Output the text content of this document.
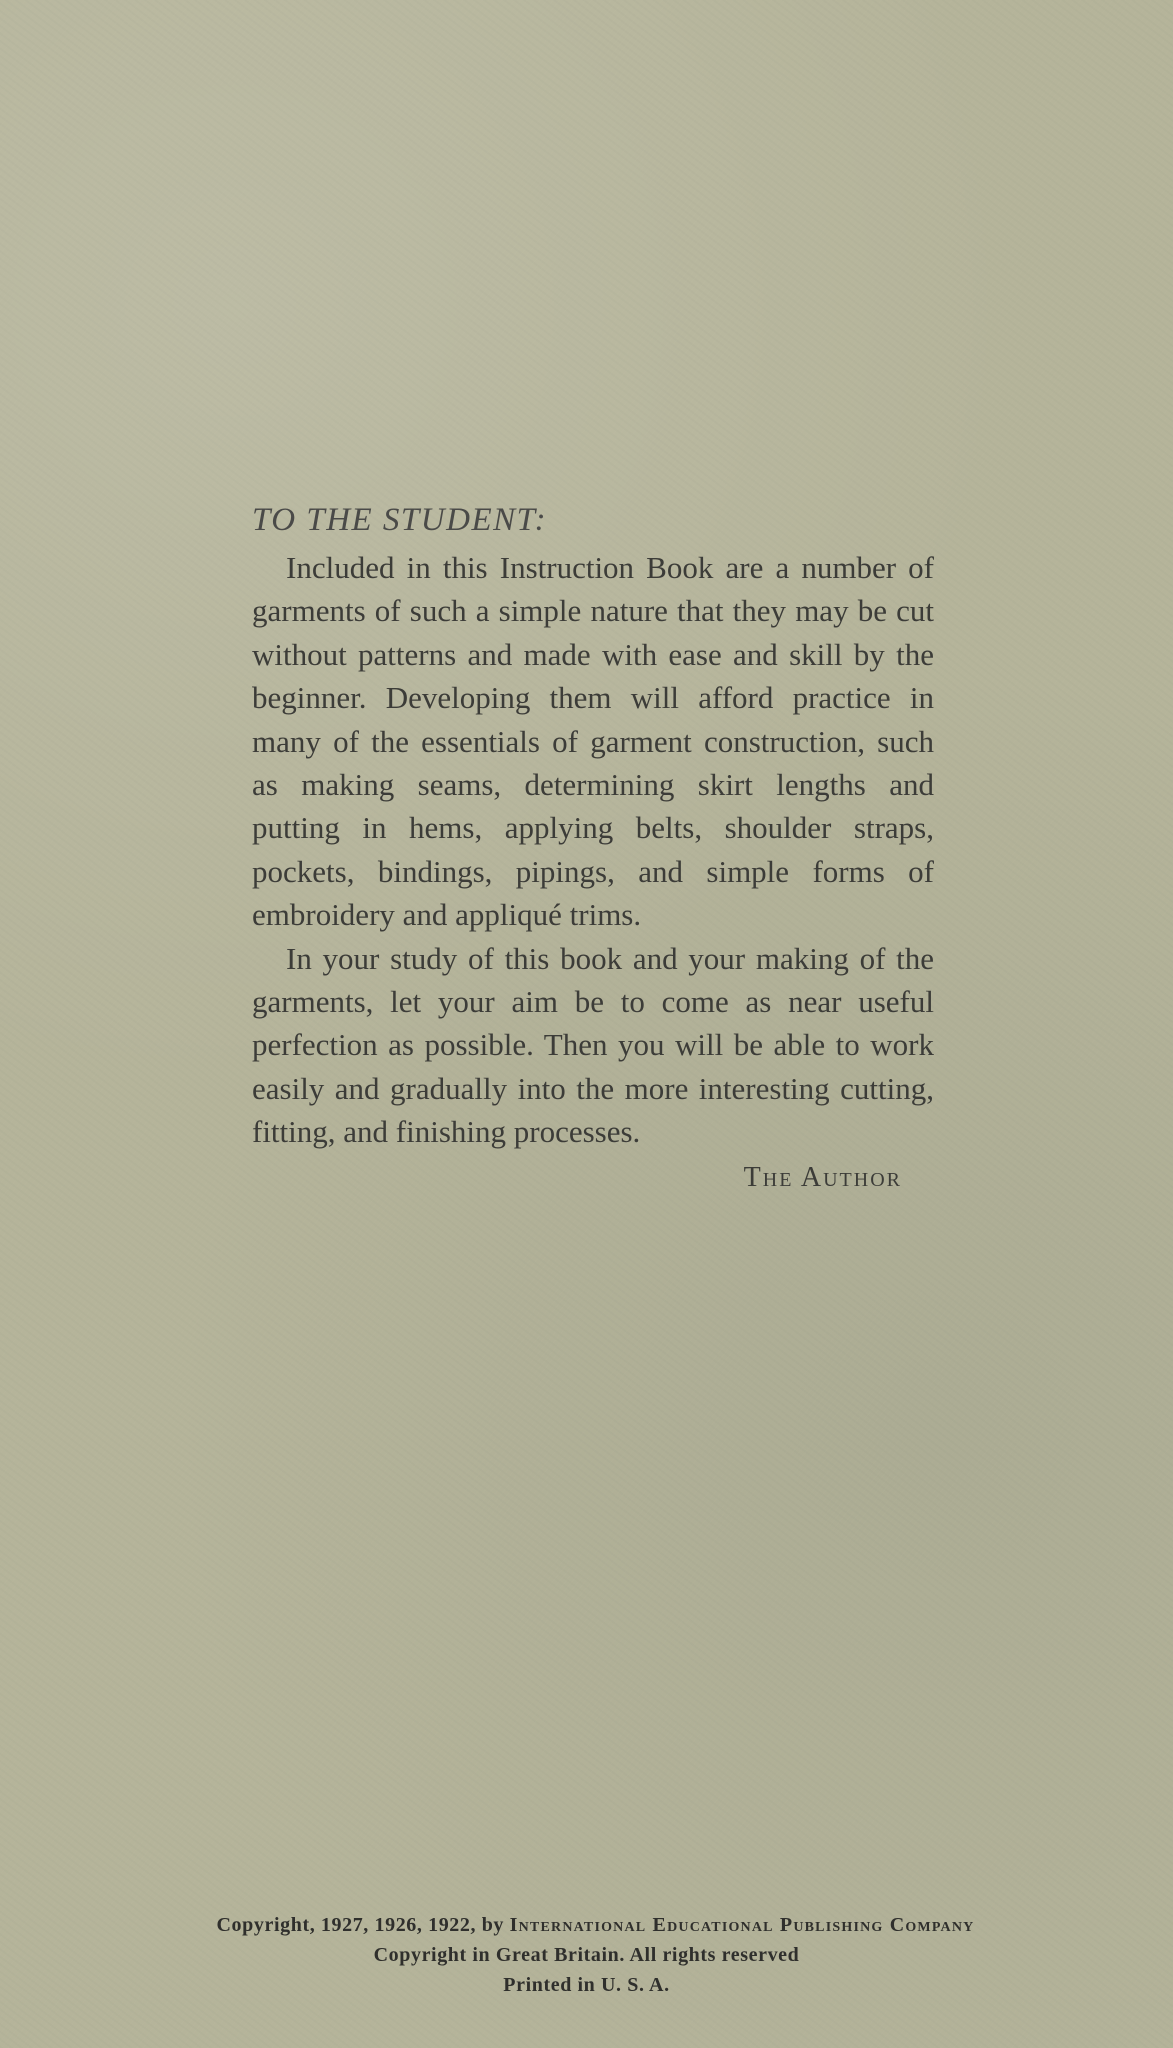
TO THE STUDENT:

Included in this Instruction Book are a number of garments of such a simple nature that they may be cut without patterns and made with ease and skill by the beginner. Developing them will afford practice in many of the essentials of garment construction, such as making seams, determining skirt lengths and putting in hems, applying belts, shoulder straps, pockets, bindings, pipings, and simple forms of embroidery and appliqué trims.

In your study of this book and your making of the garments, let your aim be to come as near useful perfection as possible. Then you will be able to work easily and gradually into the more interesting cutting, fitting, and finishing processes.

The Author
Copyright, 1927, 1926, 1922, by International Educational Publishing Company
Copyright in Great Britain. All rights reserved
Printed in U. S. A.
